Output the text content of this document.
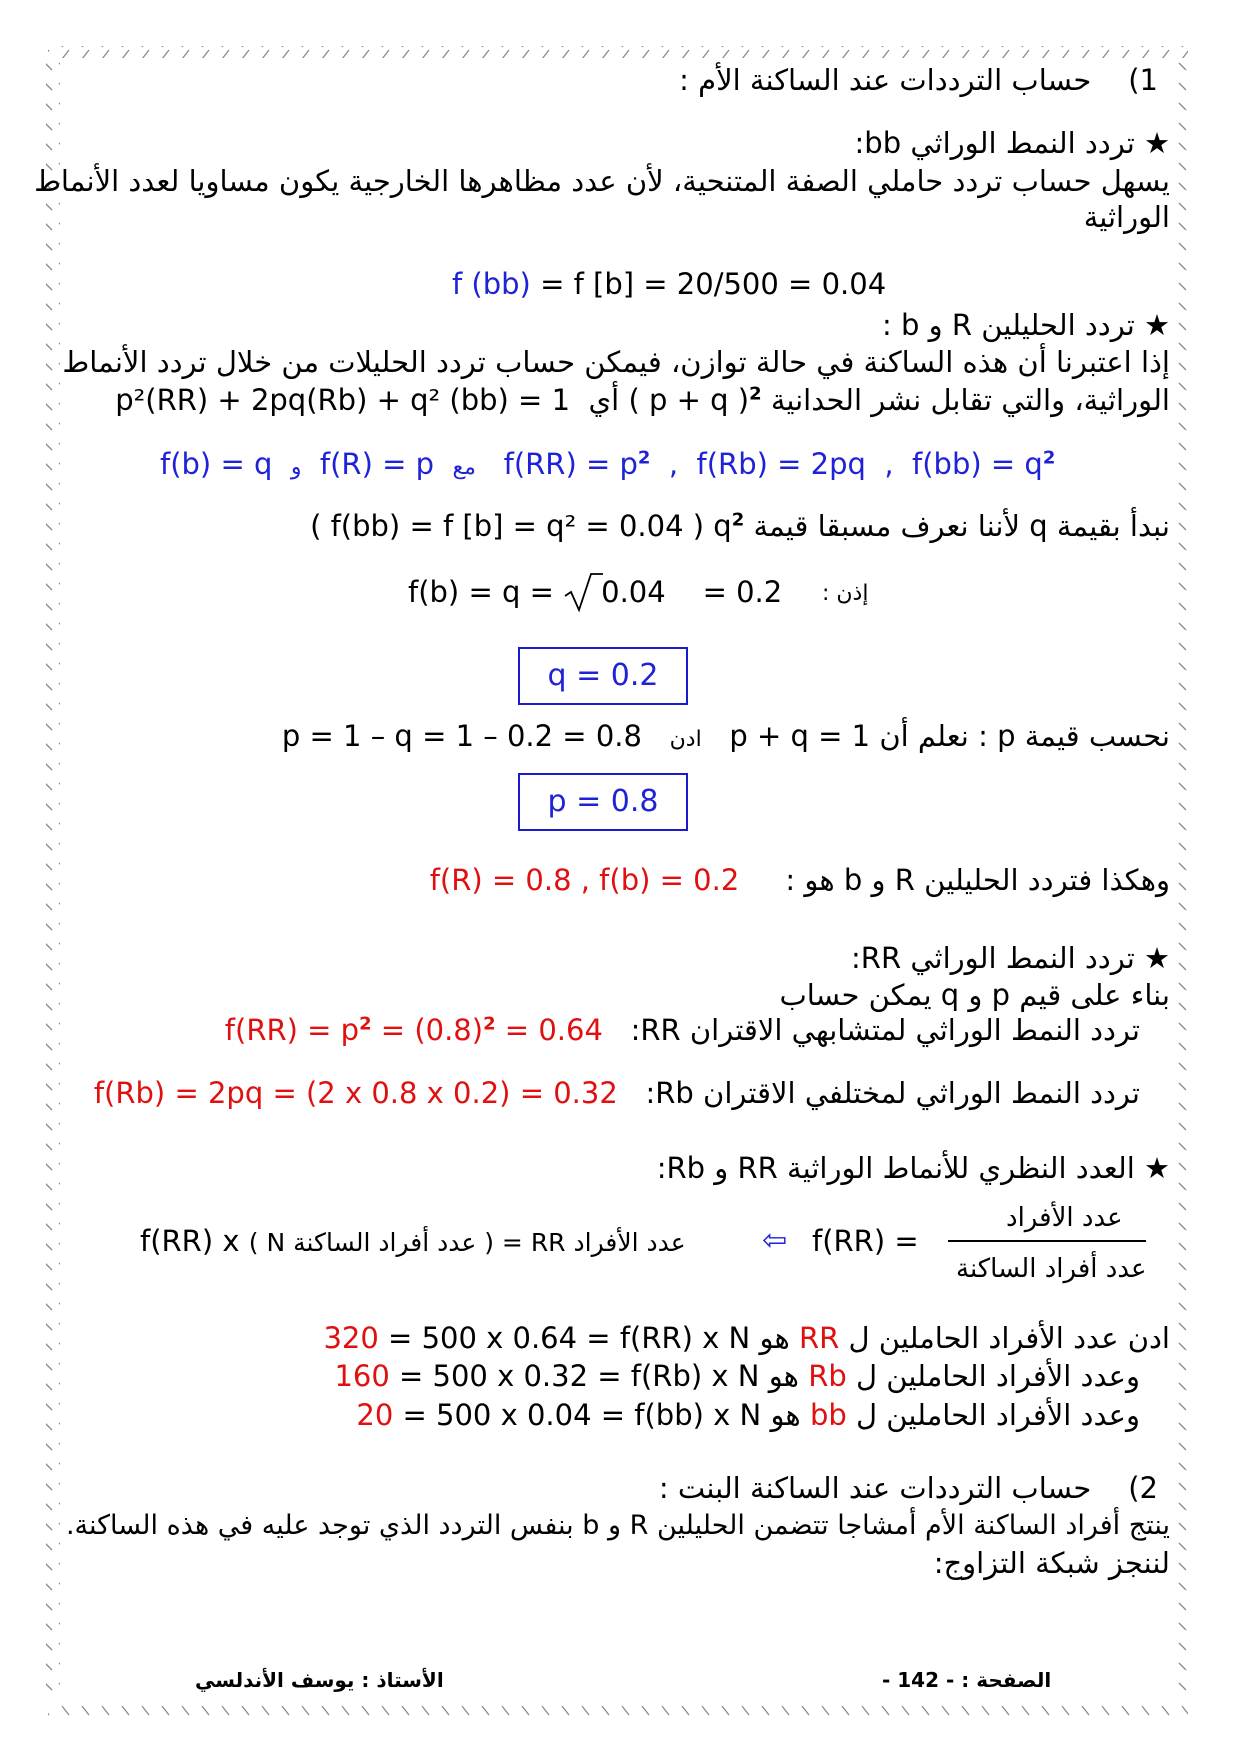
1)    حساب الترددات عند الساكنة الأم :
★ تردد النمط الوراثي bb:
يسهل حساب تردد حاملي الصفة المتنحية، لأن عدد مظاهرها الخارجية يكون مساويا لعدد الأنماط
الوراثية
f (bb) = f [b] = 20/500 = 0.04
★ تردد الحليلين R و b :
إذا اعتبرنا أن هذه الساكنة في حالة توازن، فيمكن حساب تردد الحليلات من خلال تردد الأنماط
الوراثية، والتي تقابل نشر الحدانية ( p + q )$^2$ أي  p²(RR) + 2pq(Rb) + q² (bb) = 1
f(b) = q و f(R) = p مع $f(RR) = p^2$ , f(Rb) = 2pq , $f(bb) = q^2$
نبدأ بقيمة q لأننا نعرف مسبقا قيمة $q^2$ ( f(bb) = f [b] = q² = 0.04 )
f(b) = q = 0.04 = 0.2 إذن :
q = 0.2
نحسب قيمة p : نعلم أن p + q = 1   ادن   p = 1 – q = 1 – 0.2 = 0.8
p = 0.8
وهكذا فتردد الحليلين R و b هو :     f(R) = 0.8 , f(b) = 0.2
★ تردد النمط الوراثي RR:
بناء على قيم p و q يمكن حساب
تردد النمط الوراثي لمتشابهي الاقتران RR:   $f(RR) = p^2 = (0.8)^2 = 0.64$
تردد النمط الوراثي لمختلفي الاقتران Rb:   f(Rb) = 2pq = (2 x 0.8 x 0.2) = 0.32
★ العدد النظري للأنماط الوراثية RR و Rb:
عدد الأفراد
عدد أفراد الساكنة
f(RR) =
⇦
f(RR) x عدد الأفراد RR = ( عدد أفراد الساكنة N )
ادن عدد الأفراد الحاملين ل RR هو 320 = 500 x 0.64 = f(RR) x N
وعدد الأفراد الحاملين ل Rb هو 160 = 500 x 0.32 = f(Rb) x N
وعدد الأفراد الحاملين ل bb هو 20 = 500 x 0.04 = f(bb) x N
2)    حساب الترددات عند الساكنة البنت :
ينتج أفراد الساكنة الأم أمشاجا تتضمن الحليلين R و b بنفس التردد الذي توجد عليه في هذه الساكنة.
لننجز شبكة التزاوج:
الصفحة : - 142 -
الأستاذ : يوسف الأندلسي
